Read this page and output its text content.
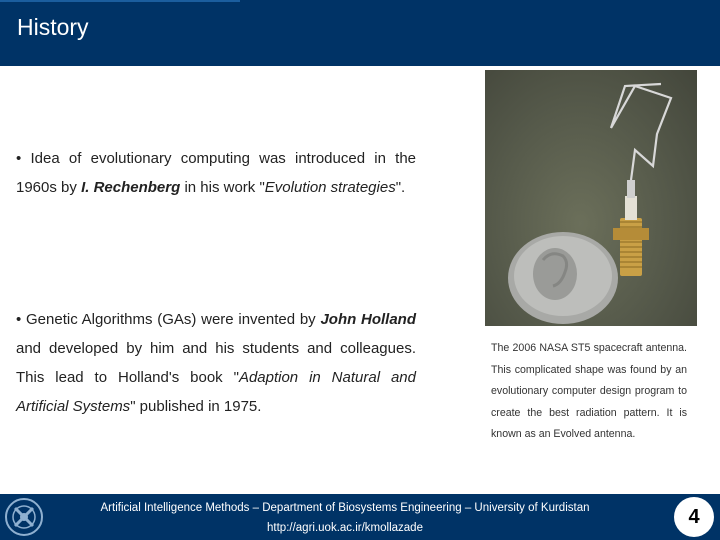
History
• Idea of evolutionary computing was introduced in the 1960s by I. Rechenberg in his work "Evolution strategies".
• Genetic Algorithms (GAs) were invented by John Holland and developed by him and his students and colleagues. This lead to Holland's book "Adaption in Natural and Artificial Systems" published in 1975.
The 2006 NASA ST5 spacecraft antenna. This complicated shape was found by an evolutionary computer design program to create the best radiation pattern. It is known as an Evolved antenna.
Artificial Intelligence Methods – Department of Biosystems Engineering – University of Kurdistan
http://agri.uok.ac.ir/kmollazade
4
